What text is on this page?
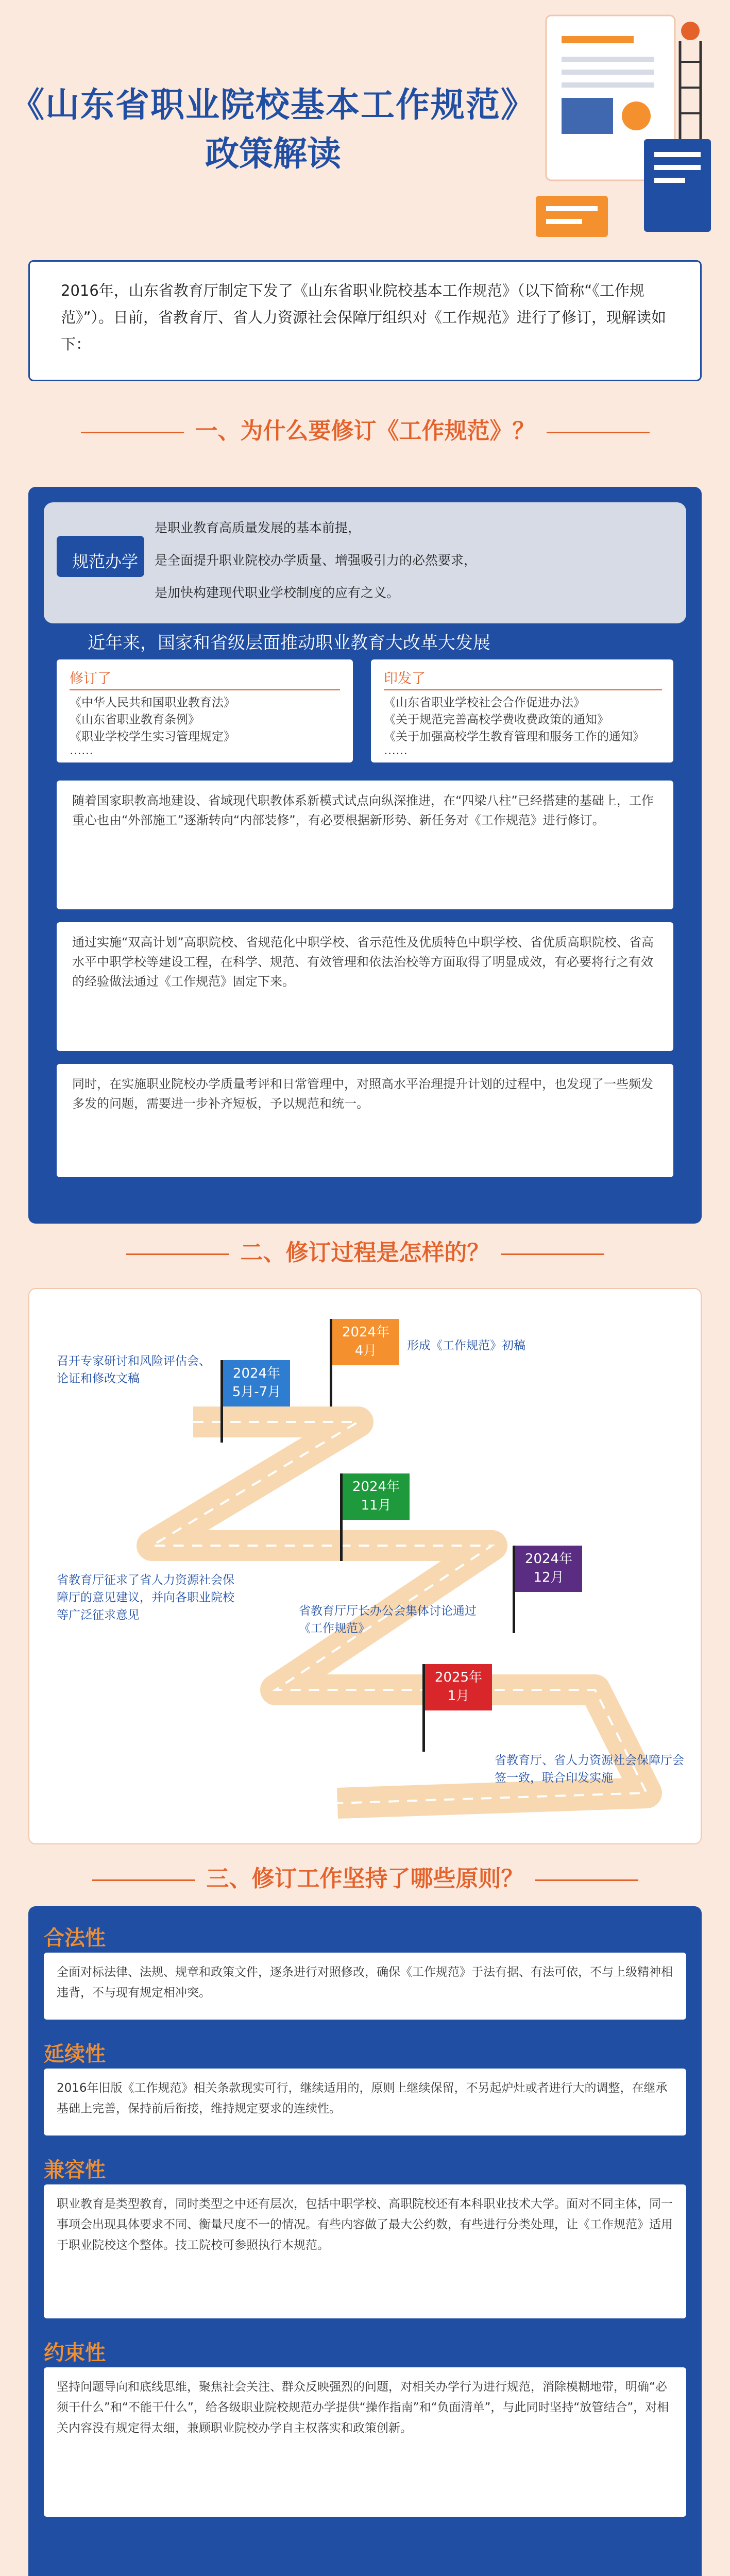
《山东省职业院校基本工作规范》
政策解读
2016年，山东省教育厅制定下发了《山东省职业院校基本工作规范》（以下简称“《工作规范》”）。日前，省教育厅、省人力资源社会保障厅组织对《工作规范》进行了修订，现解读如下：
一、为什么要修订《工作规范》？
规范办学
是职业教育高质量发展的基本前提，
是全面提升职业院校办学质量、增强吸引力的必然要求，
是加快构建现代职业学校制度的应有之义。
近年来，国家和省级层面推动职业教育大改革大发展
修订了
《中华人民共和国职业教育法》
《山东省职业教育条例》
《职业学校学生实习管理规定》
……
印发了
《山东省职业学校社会合作促进办法》
《关于规范完善高校学费收费政策的通知》
《关于加强高校学生教育管理和服务工作的通知》
……
随着国家职教高地建设、省域现代职教体系新模式试点向纵深推进，在“四梁八柱”已经搭建的基础上，工作重心也由“外部施工”逐渐转向“内部装修”，有必要根据新形势、新任务对《工作规范》进行修订。
通过实施“双高计划”高职院校、省规范化中职学校、省示范性及优质特色中职学校、省优质高职院校、省高水平中职学校等建设工程，在科学、规范、有效管理和依法治校等方面取得了明显成效，有必要将行之有效的经验做法通过《工作规范》固定下来。
同时，在实施职业院校办学质量考评和日常管理中，对照高水平治理提升计划的过程中，也发现了一些频发多发的问题，需要进一步补齐短板，予以规范和统一。
二、修订过程是怎样的？
2024年
5月-7月
召开专家研讨和风险评估会、论证和修改文稿
2024年
4月	形成《工作规范》初稿
2024年
11月
省教育厅征求了省人力资源社会保障厅的意见建议，并向各职业院校等广泛征求意见
2024年
12月
省教育厅厅长办公会集体讨论通过《工作规范》
2025年
1月
省教育厅、省人力资源社会保障厅会签一致，联合印发实施
三、修订工作坚持了哪些原则？
合法性
全面对标法律、法规、规章和政策文件，逐条进行对照修改，确保《工作规范》于法有据、有法可依，不与上级精神相违背，不与现有规定相冲突。
延续性
2016年旧版《工作规范》相关条款现实可行，继续适用的，原则上继续保留，不另起炉灶或者进行大的调整，在继承基础上完善，保持前后衔接，维持规定要求的连续性。
兼容性
职业教育是类型教育，同时类型之中还有层次，包括中职学校、高职院校还有本科职业技术大学。面对不同主体，同一事项会出现具体要求不同、衡量尺度不一的情况。有些内容做了最大公约数，有些进行分类处理，让《工作规范》适用于职业院校这个整体。技工院校可参照执行本规范。
约束性
坚持问题导向和底线思维，聚焦社会关注、群众反映强烈的问题，对相关办学行为进行规范，消除模糊地带，明确“必须干什么”和“不能干什么”，给各级职业院校规范办学提供“操作指南”和“负面清单”，与此同时坚持“放管结合”，对相关内容没有规定得太细，兼顾职业院校办学自主权落实和政策创新。
